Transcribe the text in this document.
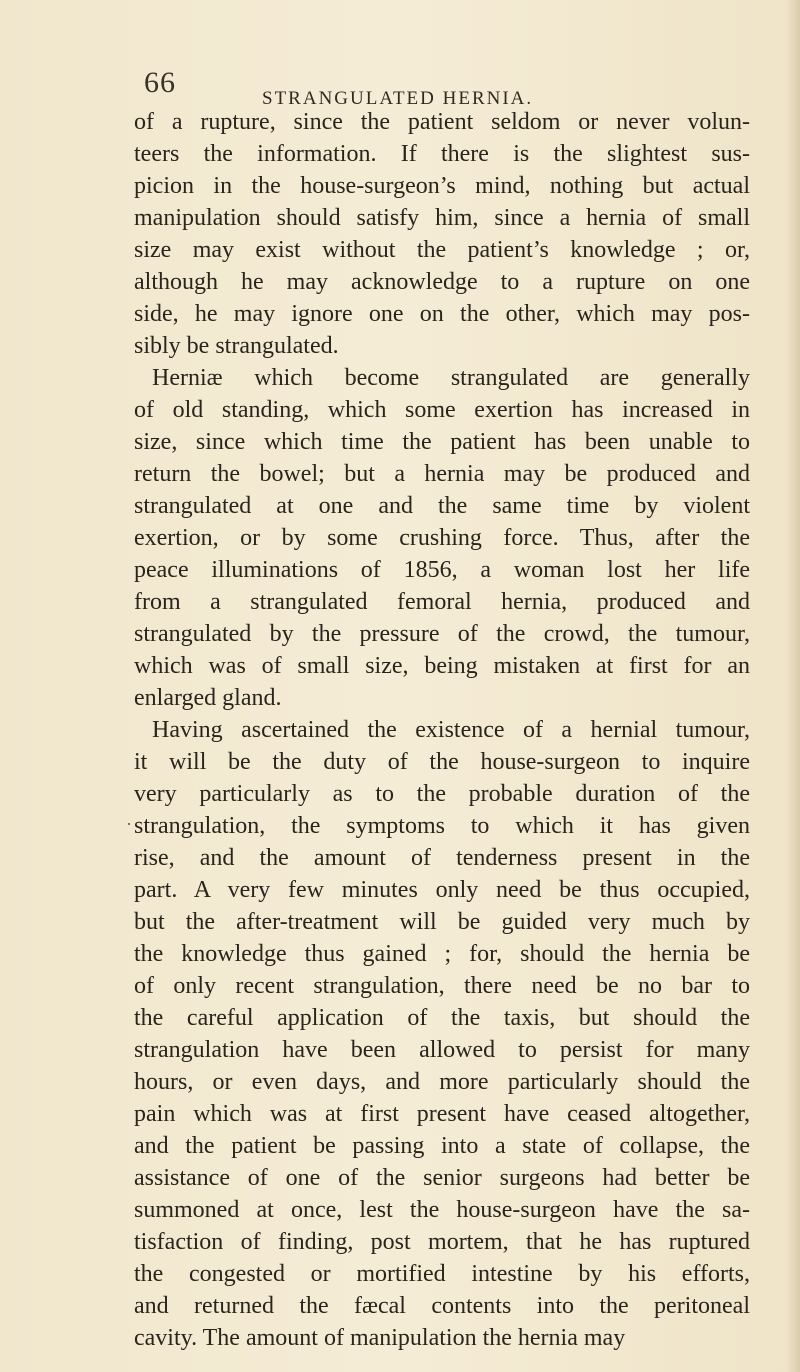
66	STRANGULATED HERNIA.
·
of a rupture, since the patient seldom or never volun-
teers the information. If there is the slightest sus-
picion in the house-surgeon’s mind, nothing but actual
manipulation should satisfy him, since a hernia of small
size may exist without the patient’s knowledge ; or,
although he may acknowledge to a rupture on one
side, he may ignore one on the other, which may pos-
sibly be strangulated.
Herniæ which become strangulated are generally
of old standing, which some exertion has increased in
size, since which time the patient has been unable to
return the bowel; but a hernia may be produced and
strangulated at one and the same time by violent
exertion, or by some crushing force. Thus, after the
peace illuminations of 1856, a woman lost her life
from a strangulated femoral hernia, produced and
strangulated by the pressure of the crowd, the tumour,
which was of small size, being mistaken at first for an
enlarged gland.
Having ascertained the existence of a hernial tumour,
it will be the duty of the house-surgeon to inquire
very particularly as to the probable duration of the
strangulation, the symptoms to which it has given
rise, and the amount of tenderness present in the
part. A very few minutes only need be thus occupied,
but the after-treatment will be guided very much by
the knowledge thus gained ; for, should the hernia be
of only recent strangulation, there need be no bar to
the careful application of the taxis, but should the
strangulation have been allowed to persist for many
hours, or even days, and more particularly should the
pain which was at first present have ceased altogether,
and the patient be passing into a state of collapse, the
assistance of one of the senior surgeons had better be
summoned at once, lest the house-surgeon have the sa-
tisfaction of finding, post mortem, that he has ruptured
the congested or mortified intestine by his efforts,
and returned the fæcal contents into the peritoneal
cavity. The amount of manipulation the hernia may
